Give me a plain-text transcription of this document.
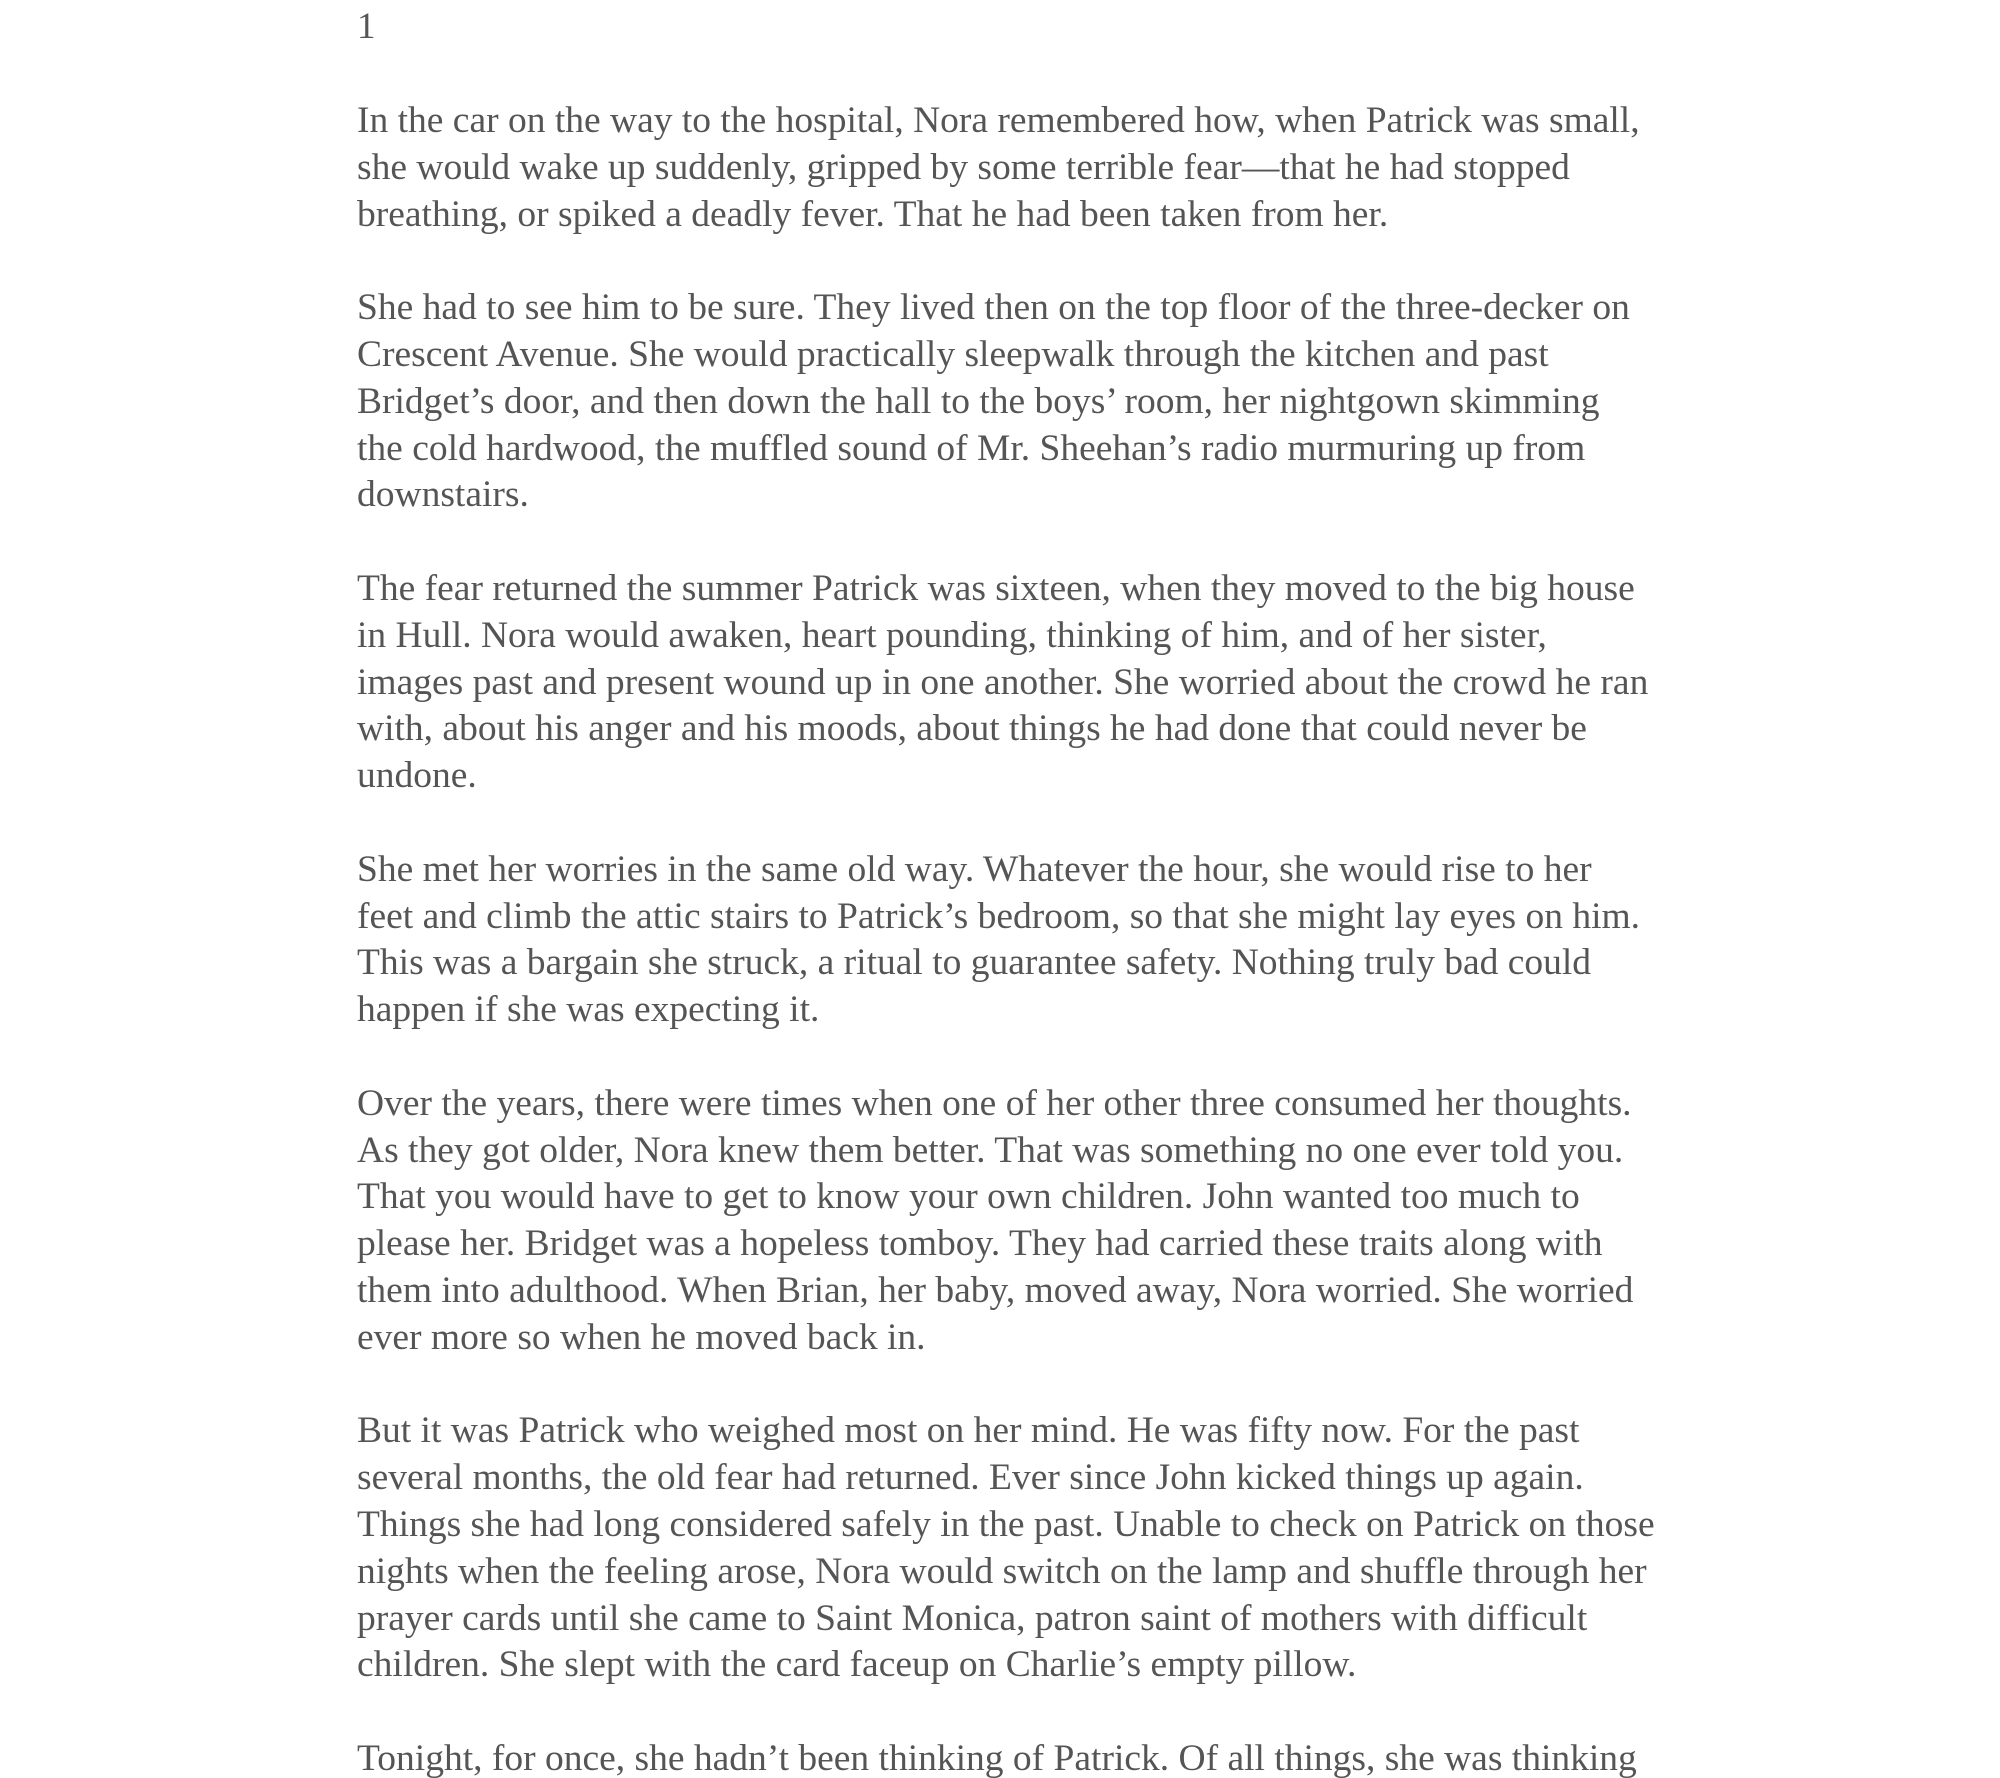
1

In the car on the way to the hospital, Nora remembered how, when Patrick was small,
she would wake up suddenly, gripped by some terrible fear—that he had stopped
breathing, or spiked a deadly fever. That he had been taken from her.

She had to see him to be sure. They lived then on the top floor of the three-decker on
Crescent Avenue. She would practically sleepwalk through the kitchen and past
Bridget’s door, and then down the hall to the boys’ room, her nightgown skimming
the cold hardwood, the muffled sound of Mr. Sheehan’s radio murmuring up from
downstairs.

The fear returned the summer Patrick was sixteen, when they moved to the big house
in Hull. Nora would awaken, heart pounding, thinking of him, and of her sister,
images past and present wound up in one another. She worried about the crowd he ran
with, about his anger and his moods, about things he had done that could never be
undone.

She met her worries in the same old way. Whatever the hour, she would rise to her
feet and climb the attic stairs to Patrick’s bedroom, so that she might lay eyes on him.
This was a bargain she struck, a ritual to guarantee safety. Nothing truly bad could
happen if she was expecting it.

Over the years, there were times when one of her other three consumed her thoughts.
As they got older, Nora knew them better. That was something no one ever told you.
That you would have to get to know your own children. John wanted too much to
please her. Bridget was a hopeless tomboy. They had carried these traits along with
them into adulthood. When Brian, her baby, moved away, Nora worried. She worried
ever more so when he moved back in.

But it was Patrick who weighed most on her mind. He was fifty now. For the past
several months, the old fear had returned. Ever since John kicked things up again.
Things she had long considered safely in the past. Unable to check on Patrick on those
nights when the feeling arose, Nora would switch on the lamp and shuffle through her
prayer cards until she came to Saint Monica, patron saint of mothers with difficult
children. She slept with the card faceup on Charlie’s empty pillow.

Tonight, for once, she hadn’t been thinking of Patrick. Of all things, she was thinking
